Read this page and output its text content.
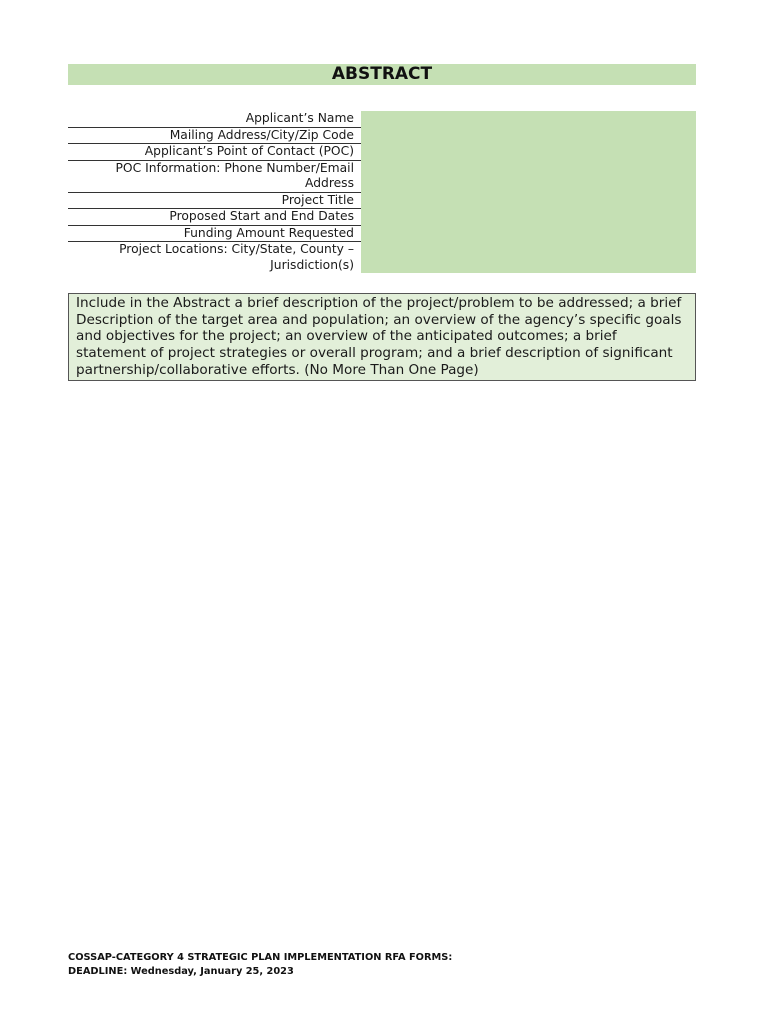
ABSTRACT
Applicant’s Name
Mailing Address/City/Zip Code
Applicant’s Point of Contact (POC)
POC Information: Phone Number/Email Address
Project Title
Proposed Start and End Dates
Funding Amount Requested
Project Locations: City/State, County – Jurisdiction(s)
Include in the Abstract a brief description of the project/problem to be addressed; a brief Description of the target area and population; an overview of the agency’s specific goals and objectives for the project; an overview of the anticipated outcomes; a brief statement of project strategies or overall program; and a brief description of significant partnership/collaborative efforts. (No More Than One Page)
COSSAP-CATEGORY 4 STRATEGIC PLAN IMPLEMENTATION RFA FORMS:
DEADLINE: Wednesday, January 25, 2023
